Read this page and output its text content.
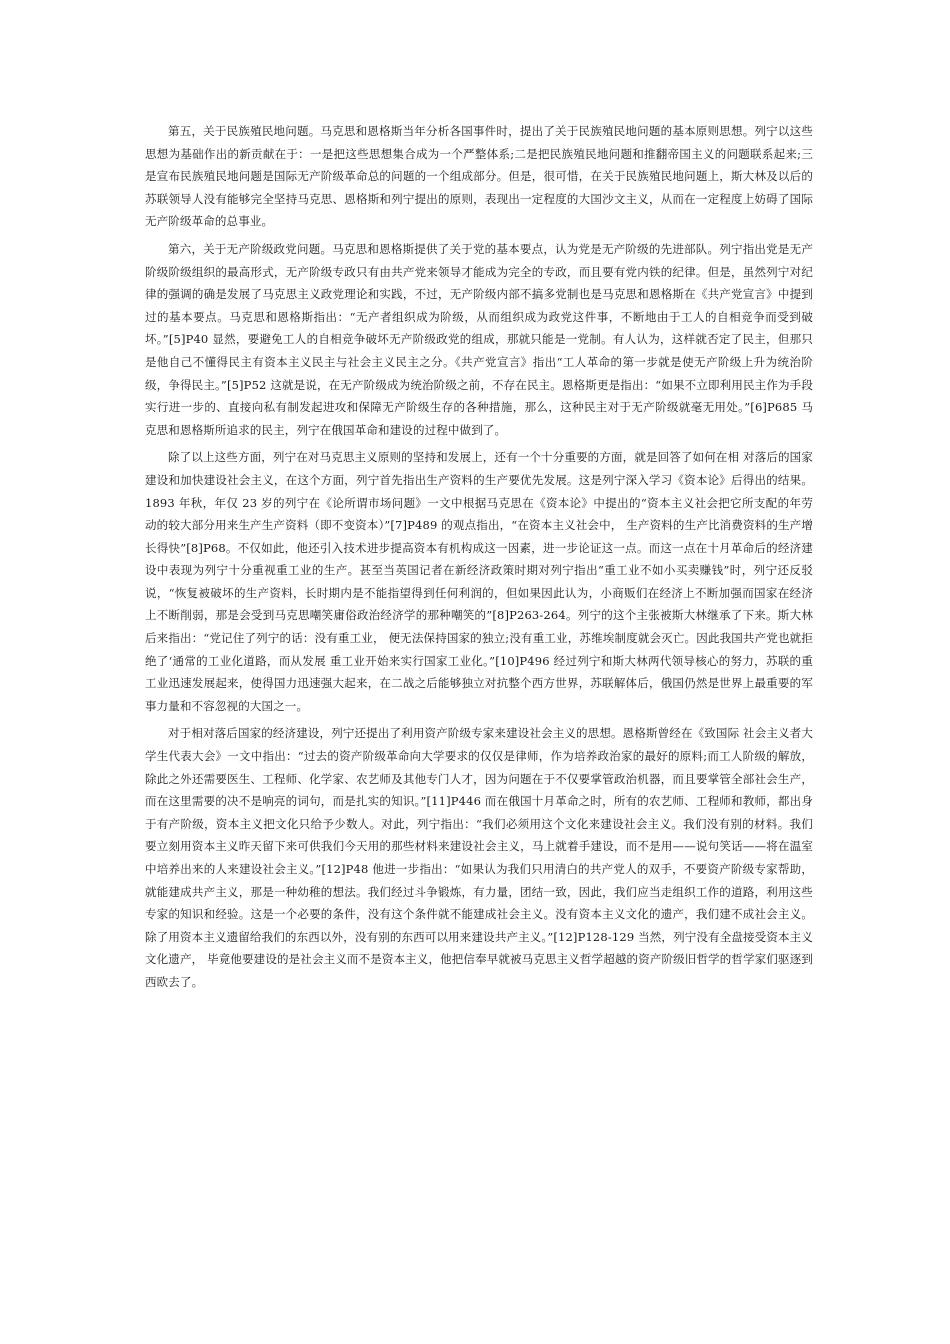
第五，关于民族殖民地问题。马克思和恩格斯当年分析各国事件时，提出了关于民族殖民地问题的基本原则思想。列宁以这些思想为基础作出的新贡献在于：一是把这些思想集合成为一个严整体系;二是把民族殖民地问题和推翻帝国主义的问题联系起来;三是宣布民族殖民地问题是国际无产阶级革命总的问题的一个组成部分。但是，很可惜，在关于民族殖民地问题上，斯大林及以后的苏联领导人没有能够完全坚持马克思、恩格斯和列宁提出的原则，表现出一定程度的大国沙文主义，从而在一定程度上妨碍了国际无产阶级革命的总事业。

第六，关于无产阶级政党问题。马克思和恩格斯提供了关于党的基本要点，认为党是无产阶级的先进部队。列宁指出党是无产阶级阶级组织的最高形式，无产阶级专政只有由共产党来领导才能成为完全的专政，而且要有党内铁的纪律。但是，虽然列宁对纪律的强调的确是发展了马克思主义政党理论和实践，不过，无产阶级内部不搞多党制也是马克思和恩格斯在《共产党宣言》中提到过的基本要点。马克思和恩格斯指出：“无产者组织成为阶级，从而组织成为政党这件事，不断地由于工人的自相竞争而受到破坏。”[5]P40 显然，要避免工人的自相竞争破坏无产阶级政党的组成，那就只能是一党制。有人认为，这样就否定了民主，但那只是他自己不懂得民主有资本主义民主与社会主义民主之分。《共产党宣言》指出“工人革命的第一步就是使无产阶级上升为统治阶级，争得民主。”[5]P52 这就是说，在无产阶级成为统治阶级之前，不存在民主。恩格斯更是指出：“如果不立即利用民主作为手段实行进一步的、直接向私有制发起进攻和保障无产阶级生存的各种措施，那么，这种民主对于无产阶级就毫无用处。”[6]P685 马克思和恩格斯所追求的民主，列宁在俄国革命和建设的过程中做到了。

除了以上这些方面，列宁在对马克思主义原则的坚持和发展上，还有一个十分重要的方面，就是回答了如何在相 对落后的国家建设和加快建设社会主义，在这个方面，列宁首先指出生产资料的生产要优先发展。这是列宁深入学习《资本论》后得出的结果。1893 年秋，年仅 23 岁的列宁在《论所谓市场问题》一文中根据马克思在《资本论》中提出的“资本主义社会把它所支配的年劳动的较大部分用来生产生产资料（即不变资本）”[7]P489 的观点指出，“在资本主义社会中， 生产资料的生产比消费资料的生产增长得快”[8]P68。不仅如此，他还引入技术进步提高资本有机构成这一因素，进一步论证这一点。而这一点在十月革命后的经济建设中表现为列宁十分重视重工业的生产。甚至当英国记者在新经济政策时期对列宁指出“重工业不如小买卖赚钱”时，列宁还反驳说，“恢复被破坏的生产资料，长时期内是不能指望得到任何利润的，但如果因此认为，小商贩们在经济上不断加强而国家在经济上不断削弱，那是会受到马克思嘲笑庸俗政治经济学的那种嘲笑的”[8]P263-264。列宁的这个主张被斯大林继承了下来。斯大林后来指出：“党记住了列宁的话：没有重工业， 便无法保持国家的独立;没有重工业，苏维埃制度就会灭亡。因此我国共产党也就拒绝了‘通常的工业化道路，而从发展 重工业开始来实行国家工业化。”[10]P496 经过列宁和斯大林两代领导核心的努力，苏联的重工业迅速发展起来，使得国力迅速强大起来，在二战之后能够独立对抗整个西方世界，苏联解体后，俄国仍然是世界上最重要的军事力量和不容忽视的大国之一。

对于相对落后国家的经济建设，列宁还提出了利用资产阶级专家来建设社会主义的思想。恩格斯曾经在《致国际 社会主义者大学生代表大会》一文中指出：“过去的资产阶级革命向大学要求的仅仅是律师，作为培养政治家的最好的原料;而工人阶级的解放，除此之外还需要医生、工程师、化学家、农艺师及其他专门人才，因为问题在于不仅要掌管政治机器，而且要掌管全部社会生产，而在这里需要的决不是响亮的词句，而是扎实的知识。”[11]P446 而在俄国十月革命之时，所有的农艺师、工程师和教师，都出身于有产阶级，资本主义把文化只给予少数人。对此，列宁指出：“我们必须用这个文化来建设社会主义。我们没有别的材料。我们要立刻用资本主义昨天留下来可供我们今天用的那些材料来建设社会主义，马上就着手建设，而不是用——说句笑话——将在温室中培养出来的人来建设社会主义。”[12]P48 他进一步指出：“如果认为我们只用清白的共产党人的双手，不要资产阶级专家帮助，就能建成共产主义，那是一种幼稚的想法。我们经过斗争锻炼，有力量，团结一致，因此，我们应当走组织工作的道路，利用这些专家的知识和经验。这是一个必要的条件，没有这个条件就不能建成社会主义。没有资本主义文化的遗产，我们建不成社会主义。除了用资本主义遗留给我们的东西以外，没有别的东西可以用来建设共产主义。”[12]P128-129 当然，列宁没有全盘接受资本主义文化遗产， 毕竟他要建设的是社会主义而不是资本主义，他把信奉早就被马克思主义哲学超越的资产阶级旧哲学的哲学家们驱逐到西欧去了。
